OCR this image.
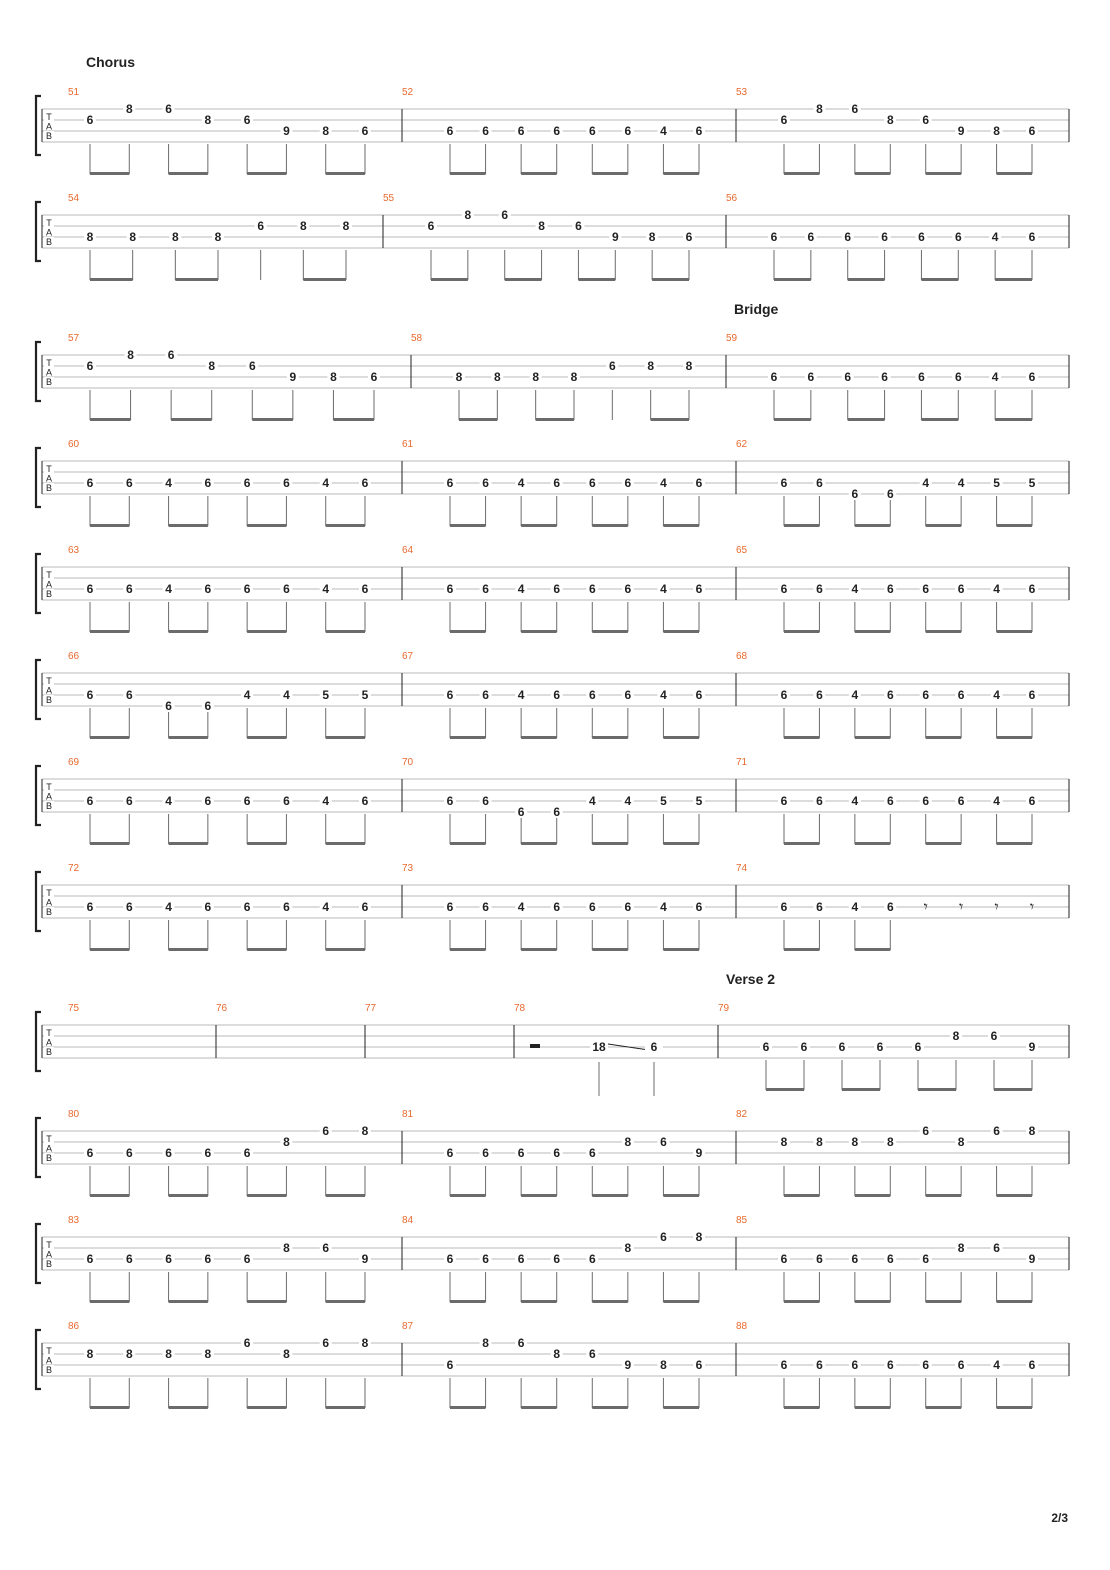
Chorus
T
A
B
51
6
8	6
8	6
9	8	6
52
6 6 6 6 6 6 4 6
53
6
8 6
8 6
9 8 6
T
A
B
54
8	8	8	8
6	8	8
55
6
8	6
8	6
9	8	6
56
6	6	6	6	6	6	4	6
Bridge
T
A
B
57
6
8	6
8	6
9	8	6
58
8	8	8	8
6	8	8
59
6	6	6	6	6	6	4	6
T
A
B
60
6	6	4	6	6	6	4	6
61
6 6 4 6 6 6 4 6
62
6 6
6 6
4 4 5 5
T
A
B
63
6	6	4	6	6	6	4	6
64
6 6 4 6 6 6 4 6
65
6 6 4 6 6 6 4 6
T
A
B
66
6	6
6	6
4	4	5	5
67
6 6 4 6 6 6 4 6
68
6 6 4 6 6 6 4 6
T
A
B
69
6	6	4	6	6	6	4	6
70
6 6
6 6
4 4 5 5
71
6 6 4 6 6 6 4 6
T
A
B
72
6	6	4	6	6	6	4	6
73
6 6 4 6 6 6 4 6
74
6 6 4 6 𝄾 𝄾 𝄾 𝄾
Verse 2
T
A
B
75	76	77	78
18	6
79
6	6	6	6	6
8	6
9
T
A
B
80
6	6	6	6	6
8
6	8
81
6 6 6 6 6
8 6
9
82
8 8 8 8
6
8
6 8
T
A
B
83
6	6	6	6	6
8	6
9
84
6 6 6 6 6
8
6 8
85
6 6 6 6 6
8 6
9
T
A
B
86
8	8	8	8
6
8
6	8
87
6
8 6
8 6
9 8 6
88
6 6 6 6 6 6 4 6
2/3
